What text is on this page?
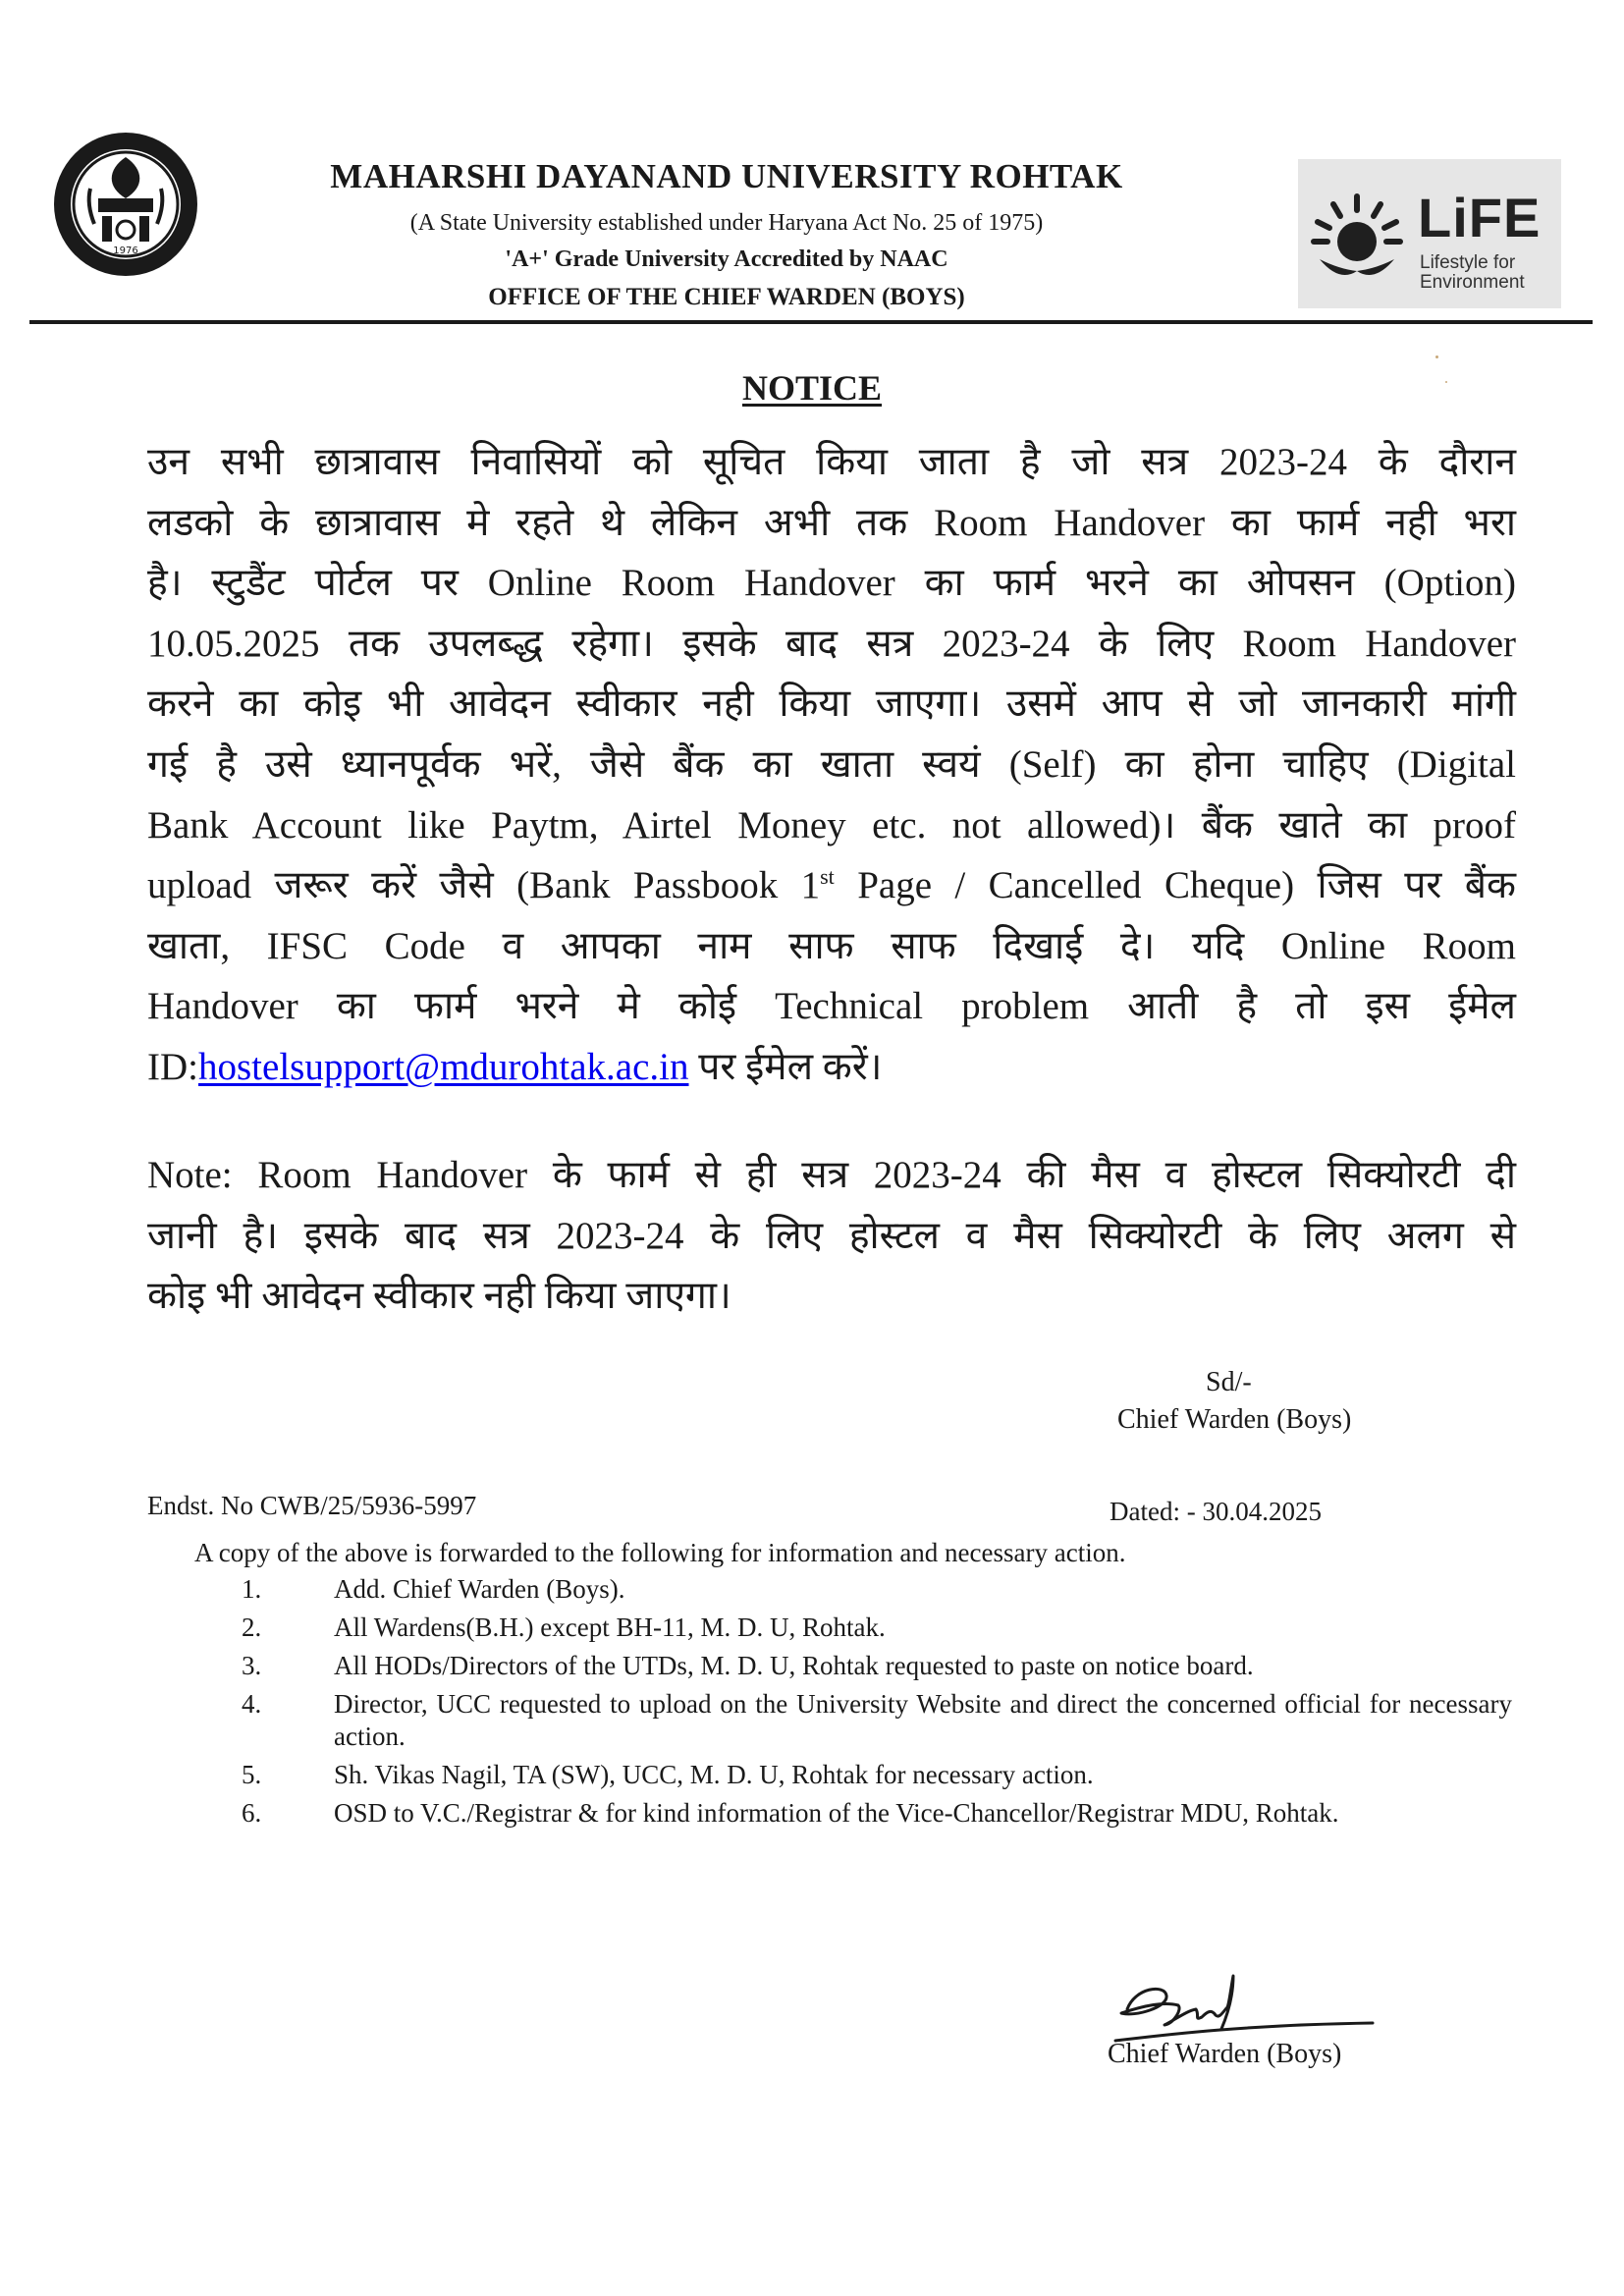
1976
MAHARSHI DAYANAND UNIVERSITY ROHTAK
(A State University established under Haryana Act No. 25 of 1975)
'A+' Grade University Accredited by NAAC
OFFICE OF THE CHIEF WARDEN (BOYS)
LiFE
Lifestyle for
Environment
NOTICE
उन सभी छात्रावास निवासियों को सूचित किया जाता है जो सत्र 2023-24 के दौरान
लडको के छात्रावास मे रहते थे लेकिन अभी तक Room Handover का फार्म नही भरा
है। स्टुडैंट पोर्टल पर Online Room Handover का फार्म भरने का ओपसन (Option)
10.05.2025 तक उपलब्द्ध रहेगा। इसके बाद सत्र 2023-24 के लिए Room Handover
करने का कोइ भी आवेदन स्वीकार नही किया जाएगा। उसमें आप से जो जानकारी मांगी
गई है उसे ध्यानपूर्वक भरें, जैसे बैंक का खाता स्वयं (Self) का होना चाहिए (Digital
Bank Account like Paytm, Airtel Money etc. not allowed)। बैंक खाते का proof
upload जरूर करें जैसे (Bank Passbook 1st Page / Cancelled Cheque) जिस पर बैंक
खाता, IFSC Code व आपका नाम साफ साफ दिखाई दे। यदि Online Room
Handover का फार्म भरने मे कोई Technical problem आती है तो इस ईमेल
ID:hostelsupport@mdurohtak.ac.in पर ईमेल करें।
Note: Room Handover के फार्म से ही सत्र 2023-24 की मैस व होस्टल सिक्योरटी दी
जानी है। इसके बाद सत्र 2023-24 के लिए होस्टल व मैस सिक्योरटी के लिए अलग से
कोइ भी आवेदन स्वीकार नही किया जाएगा।
Sd/-
Chief Warden (Boys)
Endst. No CWB/25/5936-5997	Dated: - 30.04.2025
A copy of the above is forwarded to the following for information and necessary action.
1.	Add. Chief Warden (Boys).
2.	All Wardens(B.H.) except BH-11, M. D. U, Rohtak.
3.	All HODs/Directors of the UTDs, M. D. U, Rohtak requested to paste on notice board.
4.	Director, UCC requested to upload on the University Website and direct the concerned official for necessary action.
5.	Sh. Vikas Nagil, TA (SW), UCC, M. D. U, Rohtak for necessary action.
6.	OSD to V.C./Registrar & for kind information of the Vice-Chancellor/Registrar MDU, Rohtak.
Chief Warden (Boys)
